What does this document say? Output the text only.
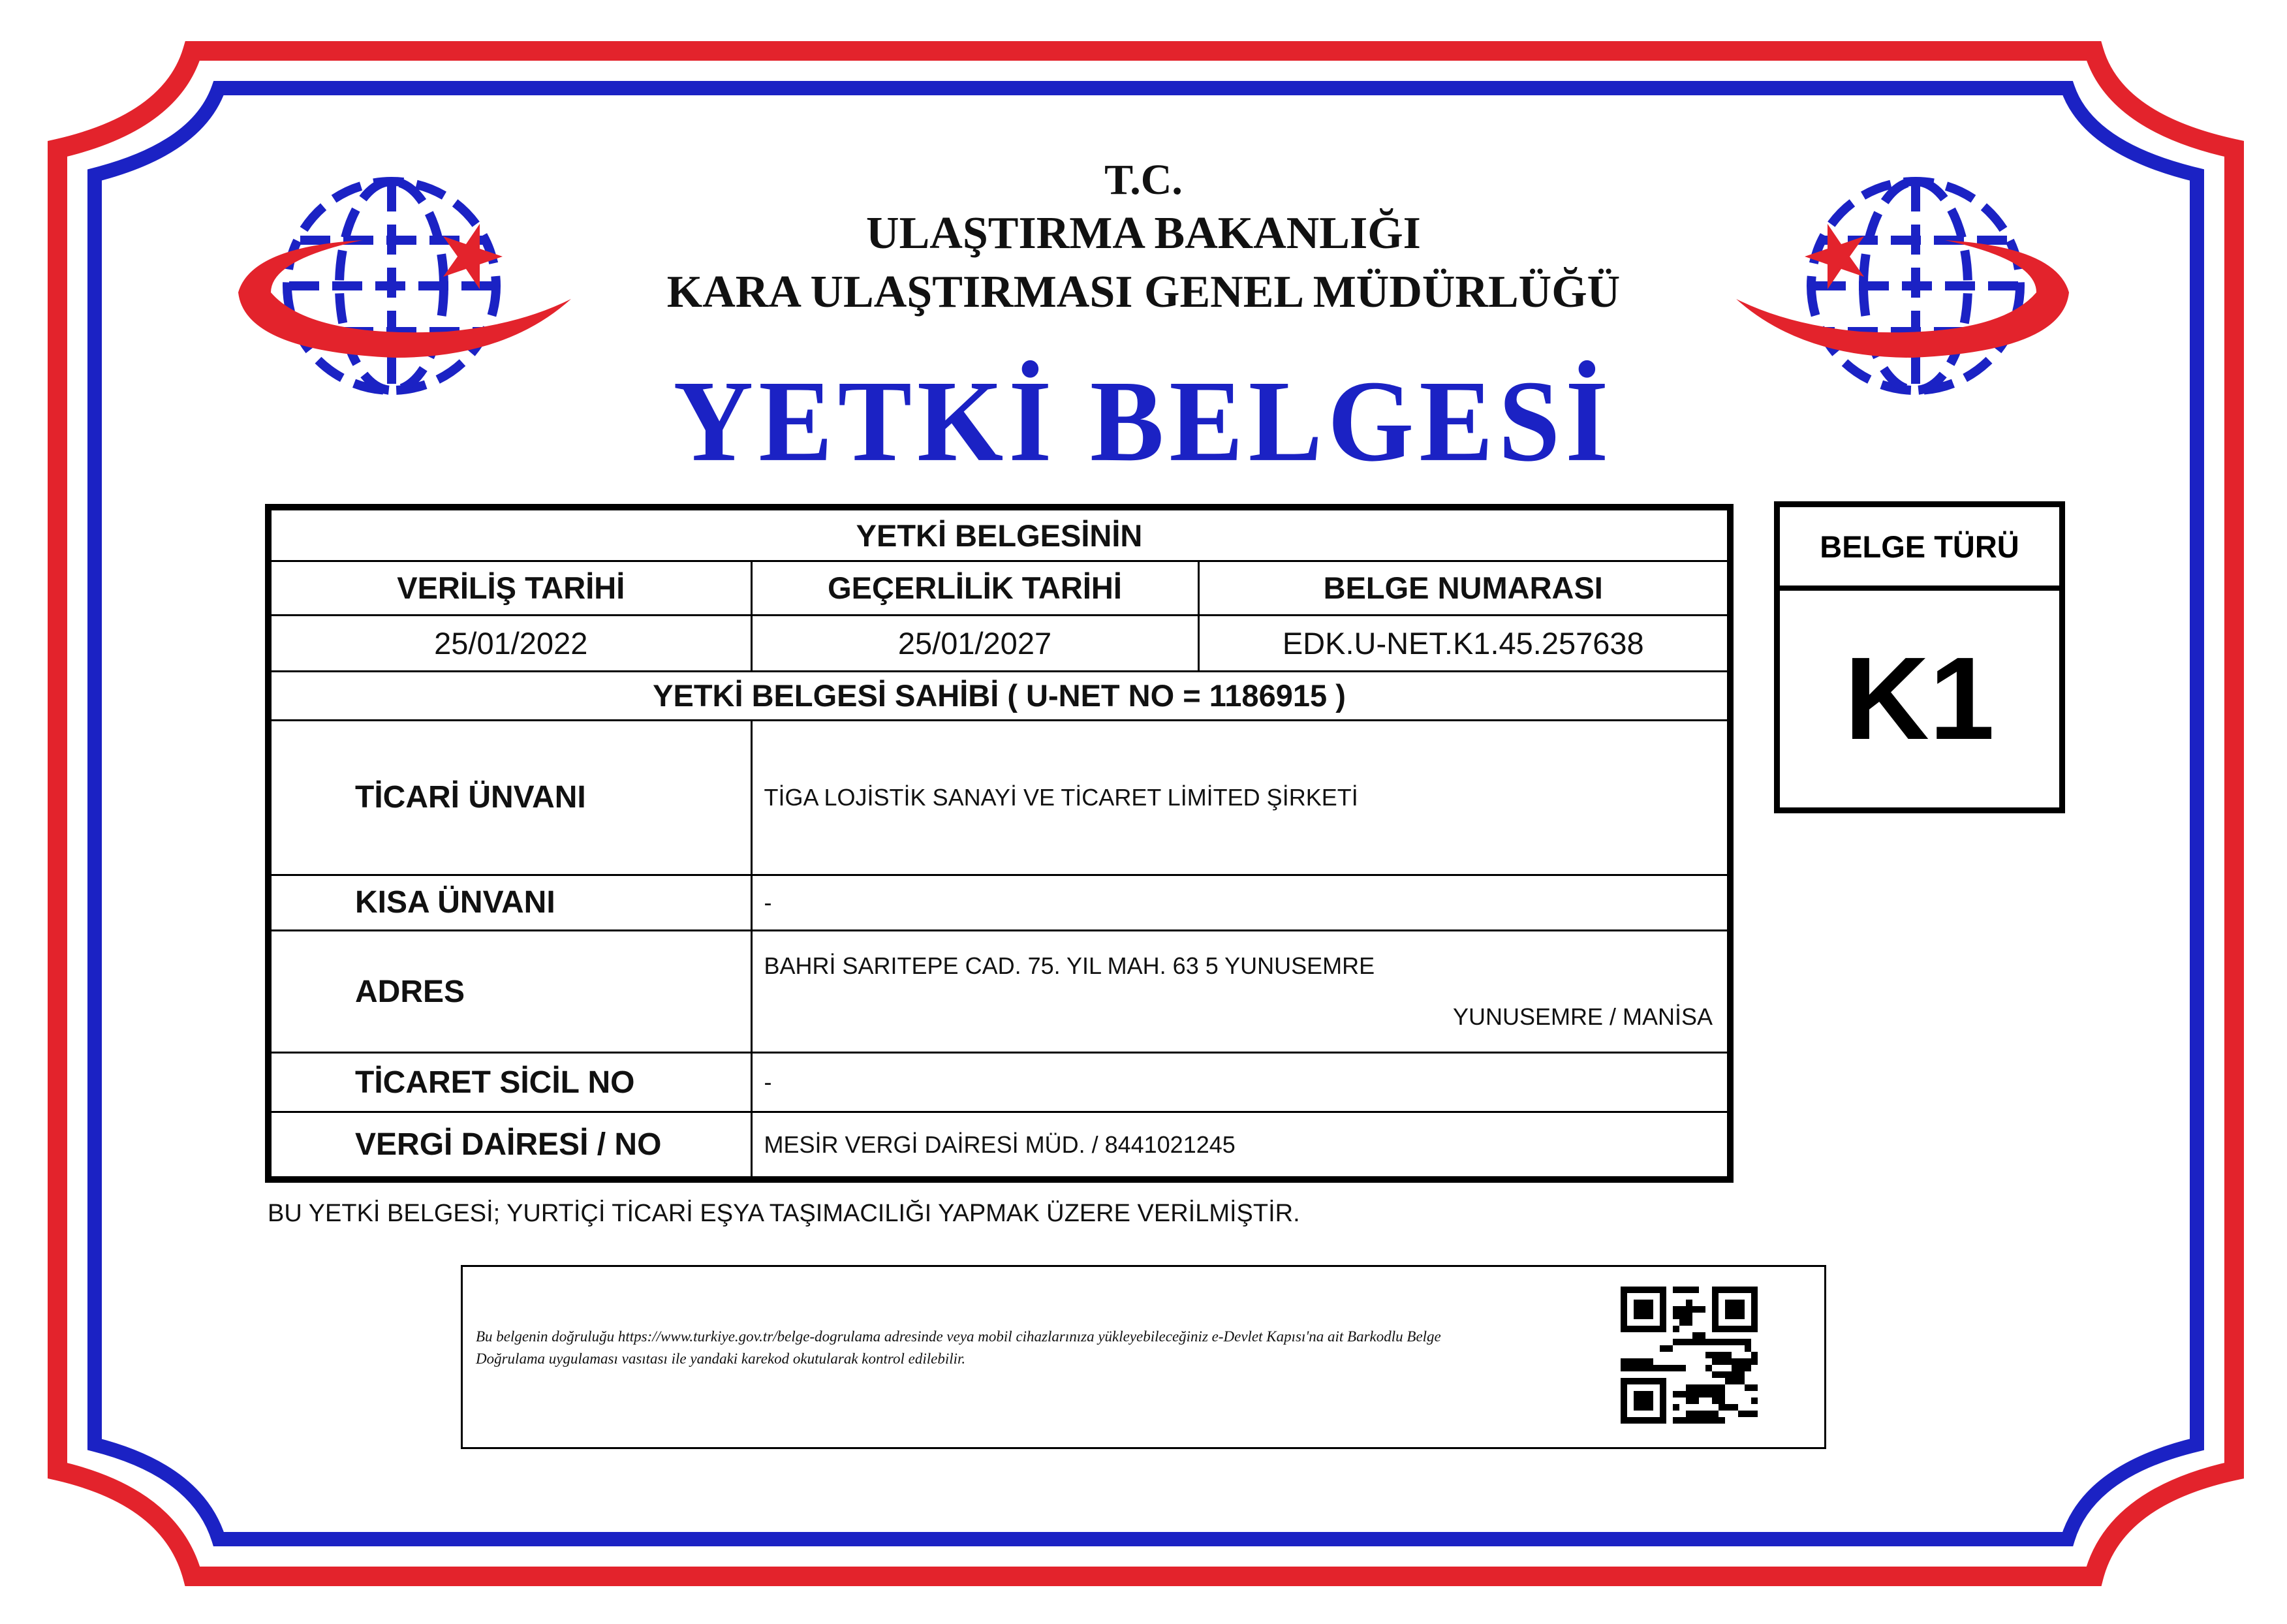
T.C.
ULAŞTIRMA BAKANLIĞI
KARA ULAŞTIRMASI GENEL MÜDÜRLÜĞÜ
YETKİ BELGESİ
YETKİ BELGESİNİN		
VERİLİŞ TARİHİ	GEÇERLİLİK TARİHİ	BELGE NUMARASI
25/01/2022	25/01/2027	EDK.U-NET.K1.45.257638
YETKİ BELGESİ SAHİBİ ( U-NET NO = 1186915 )		
TİCARİ ÜNVANI	TİGA LOJİSTİK SANAYİ VE TİCARET LİMİTED ŞİRKETİ	
KISA ÜNVANI	-	
ADRES	BAHRİ SARITEPE CAD. 75. YIL MAH. 63 5 YUNUSEMRE
YUNUSEMRE / MANİSA	

TİCARET SİCİL NO	-	
VERGİ DAİRESİ / NO	MESİR VERGİ DAİRESİ MÜD. / 8441021245	
BELGE TÜRÜ
K1
BU YETKİ BELGESİ; YURTİÇİ TİCARİ EŞYA TAŞIMACILIĞI YAPMAK ÜZERE VERİLMİŞTİR.
Bu belgenin doğruluğu https://www.turkiye.gov.tr/belge-dogrulama adresinde veya mobil cihazlarınıza yükleyebileceğiniz e-Devlet Kapısı'na ait Barkodlu Belge Doğrulama uygulaması vasıtası ile yandaki karekod okutularak kontrol edilebilir.
